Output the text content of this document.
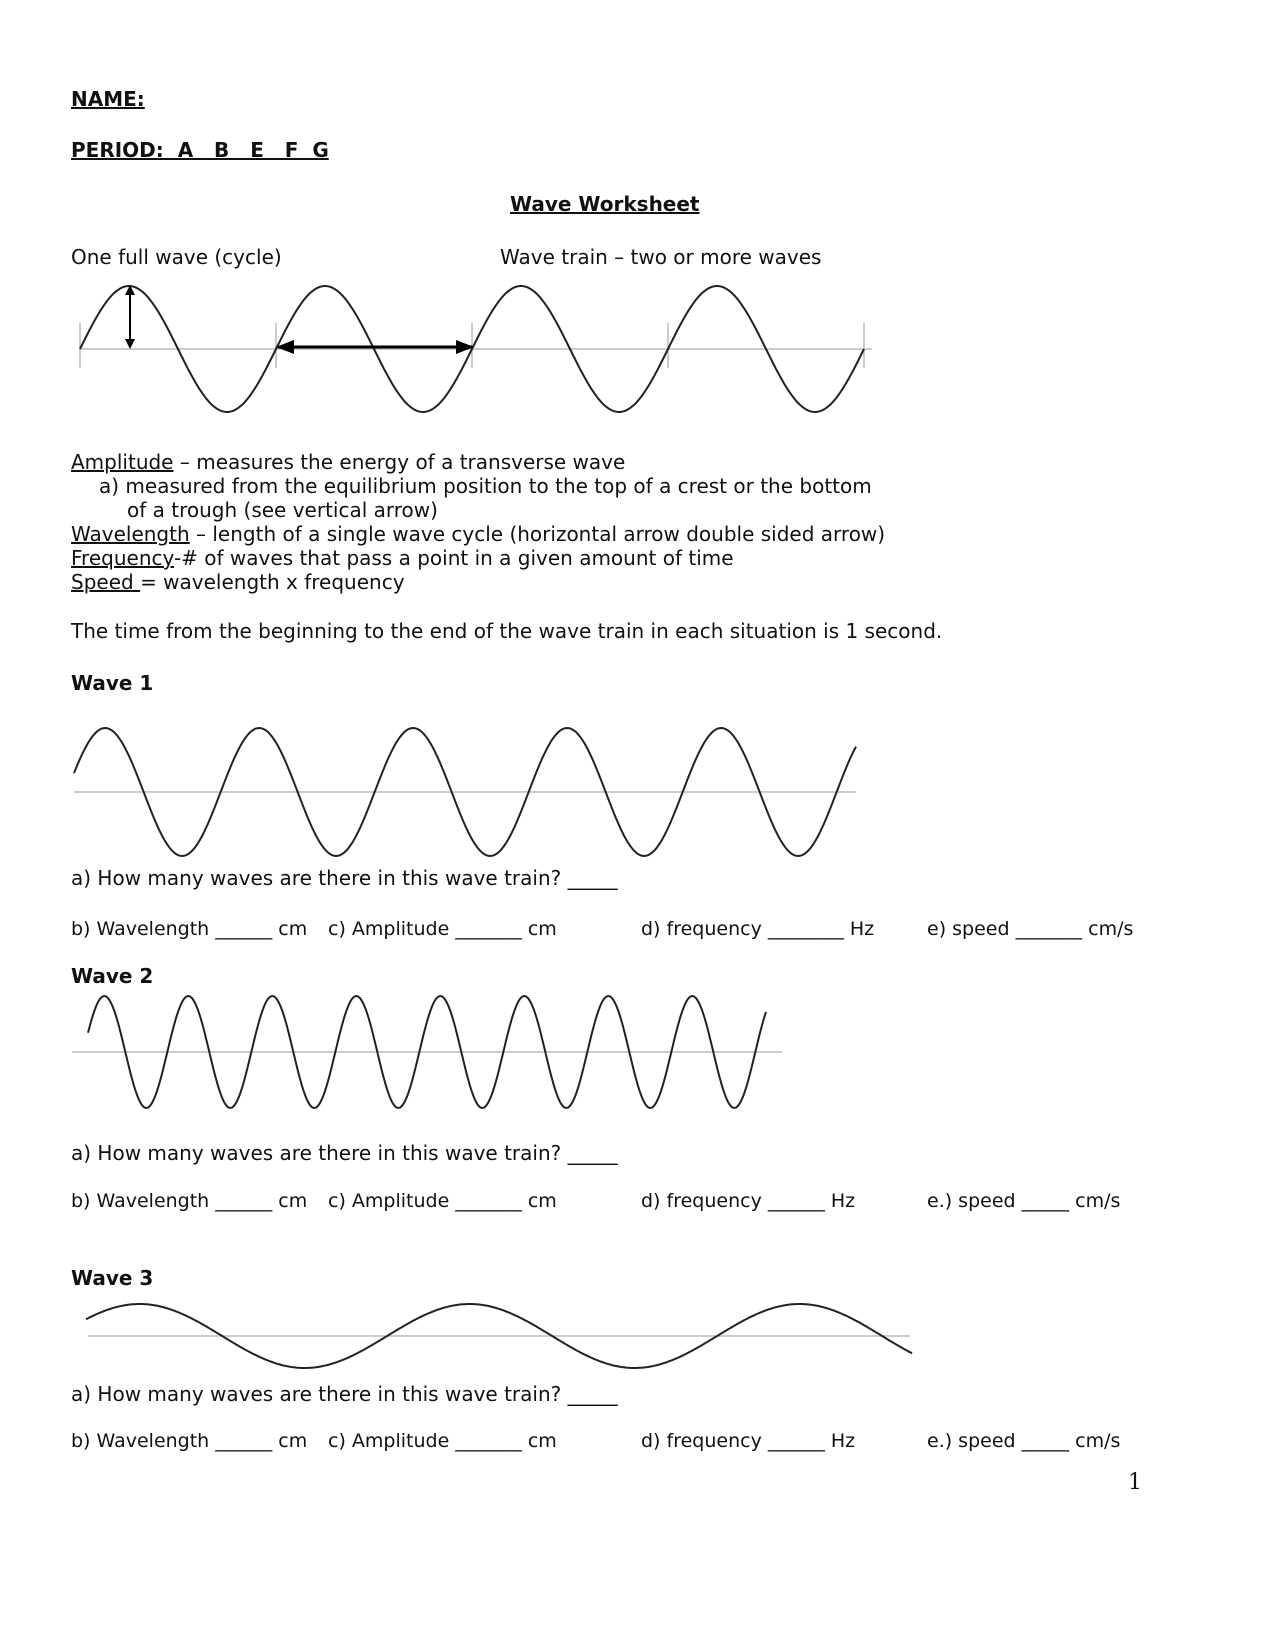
NAME:
PERIOD:  A   B   E   F  G
Wave Worksheet
One full wave (cycle)	Wave train – two or more waves
Amplitude – measures the energy of a transverse wave
a) measured from the equilibrium position to the top of a crest or the bottom
of a trough (see vertical arrow)
Wavelength – length of a single wave cycle (horizontal arrow double sided arrow)
Frequency-# of waves that pass a point in a given amount of time
Speed = wavelength x frequency
The time from the beginning to the end of the wave train in each situation is 1 second.
Wave 1
a) How many waves are there in this wave train? _____
b) Wavelength ______ cm c) Amplitude _______ cm	d) frequency ________ Hz	e) speed _______ cm/s
Wave 2
a) How many waves are there in this wave train? _____
b) Wavelength ______ cm c) Amplitude _______ cm	d) frequency ______ Hz	e.) speed _____ cm/s
Wave 3
a) How many waves are there in this wave train? _____
b) Wavelength ______ cm c) Amplitude _______ cm	d) frequency ______ Hz	e.) speed _____ cm/s
1
